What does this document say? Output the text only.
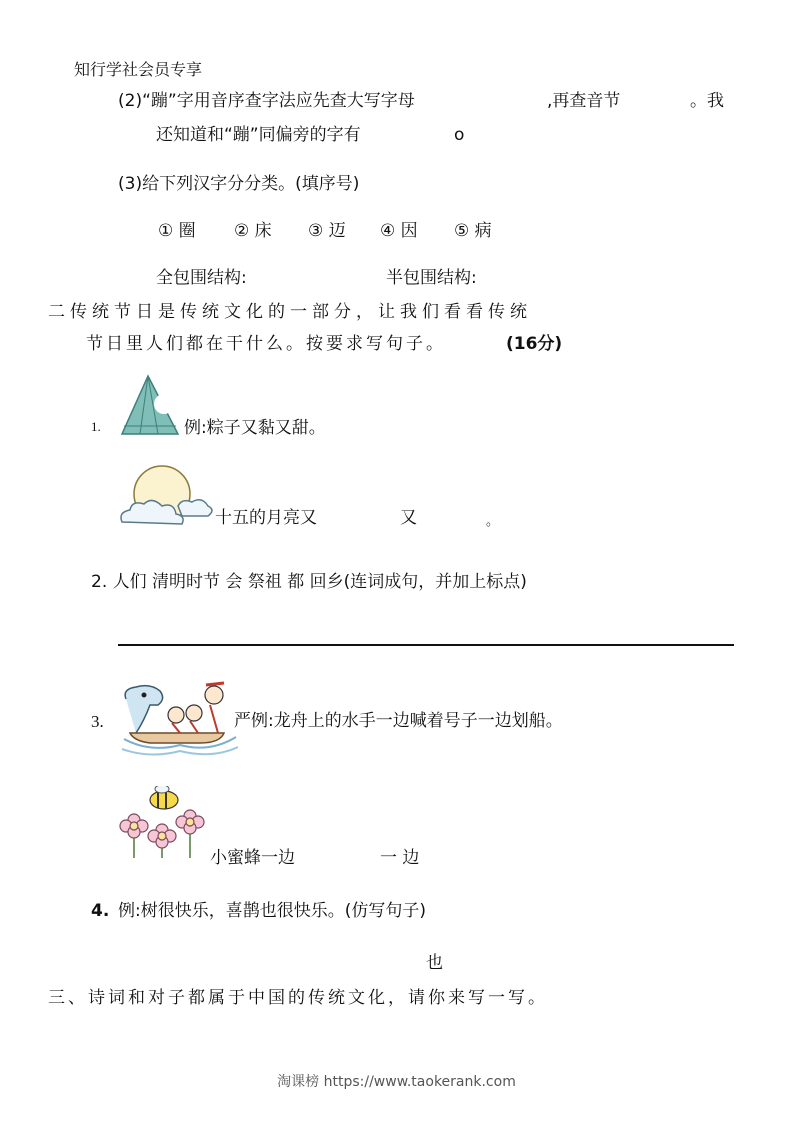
知行学社会员专享
(2)“蹦”字用音序查字法应先查大写字母	,再查音节	。我
还知道和“蹦”同偏旁的字有	o
(3)给下列汉字分分类。(填序号)
① 圈 ② 床 ③ 迈 ④ 因 ⑤ 病
全包围结构:	半包围结构:
二传统节日是传统文化的一部分，让我们看看传统
节日里人们都在干什么。按要求写句子。	(16分)
1.	例:粽子又黏又甜。
十五的月亮又	又	。
2. 人们 清明时节 会 祭祖 都 回乡(连词成句，并加上标点)
3.	严例:龙舟上的水手一边喊着号子一边划船。
小蜜蜂一边	一 边
4. 例:树很快乐，喜鹊也很快乐。(仿写句子)
也
三、诗词和对子都属于中国的传统文化，请你来写一写。
淘课榜 https://www.taokerank.com
